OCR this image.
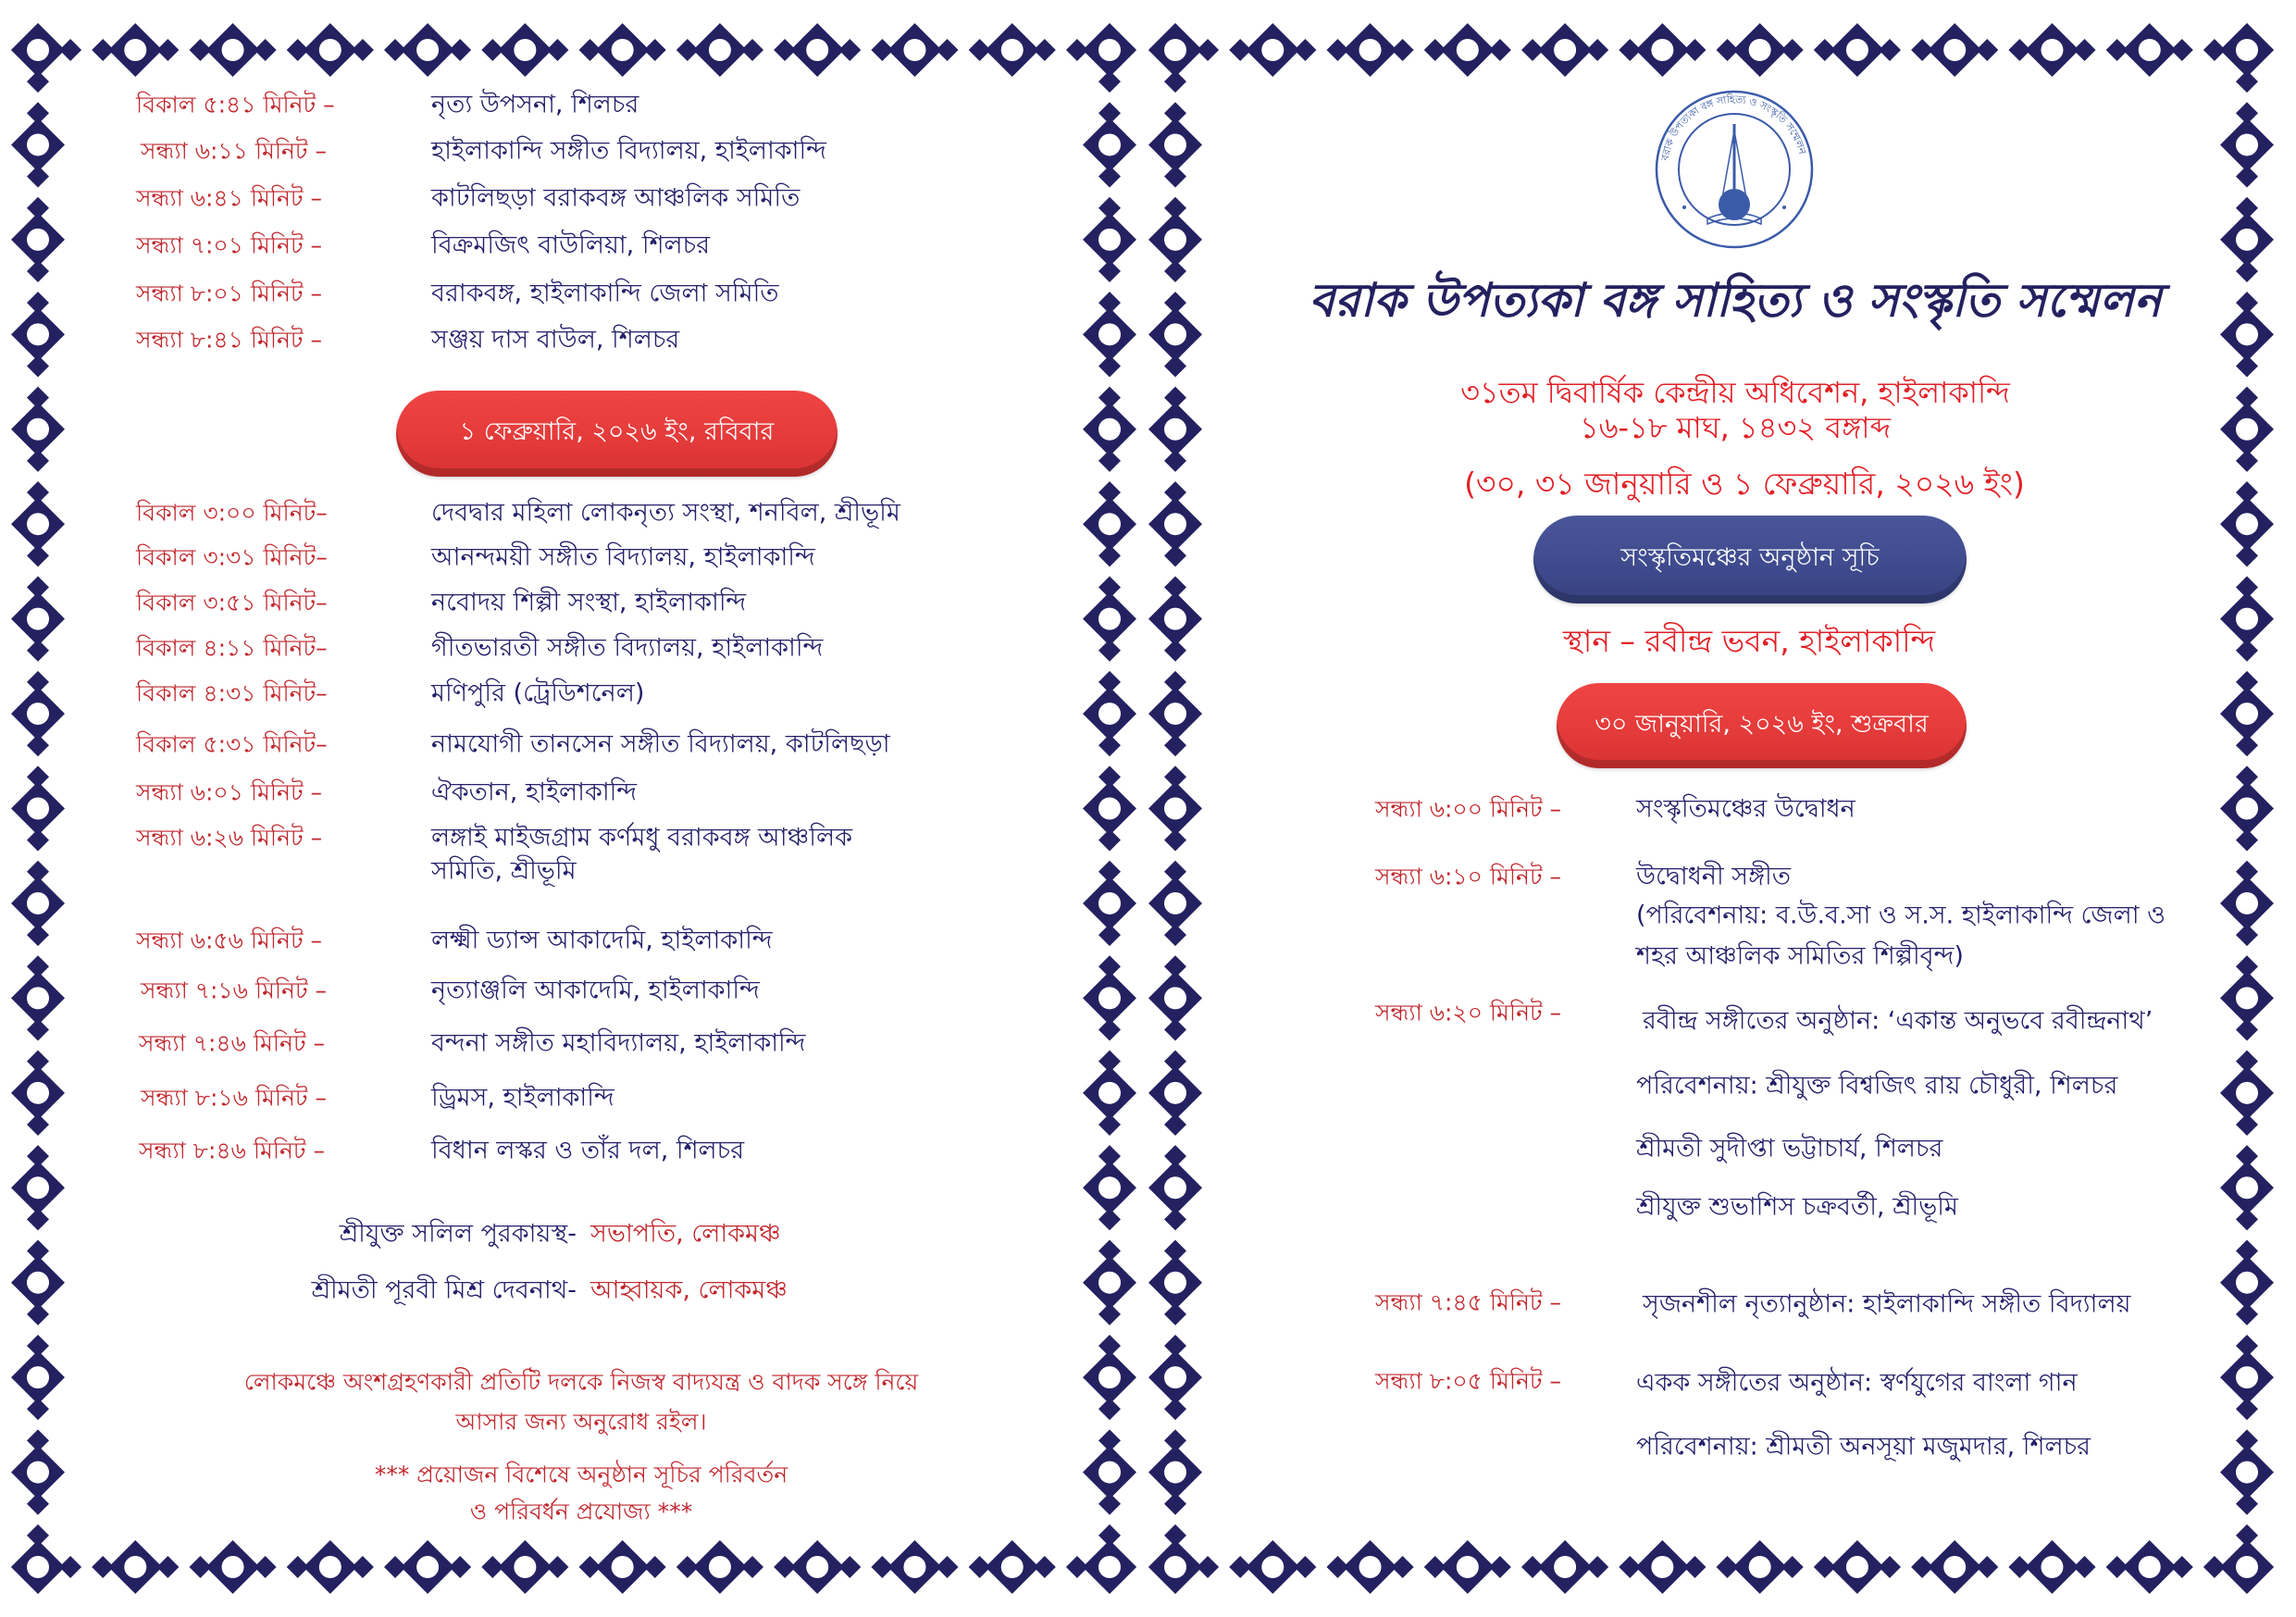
বিকাল ৫:৪১ মিনিট –	নৃত্য উপসনা, শিলচর
সন্ধ্যা ৬:১১ মিনিট –	হাইলাকান্দি সঙ্গীত বিদ্যালয়, হাইলাকান্দি
সন্ধ্যা ৬:৪১ মিনিট –	কাটলিছড়া বরাকবঙ্গ আঞ্চলিক সমিতি
সন্ধ্যা ৭:০১ মিনিট –	বিক্রমজিৎ বাউলিয়া, শিলচর
সন্ধ্যা ৮:০১ মিনিট –	বরাকবঙ্গ, হাইলাকান্দি জেলা সমিতি
সন্ধ্যা ৮:৪১ মিনিট –	সঞ্জয় দাস বাউল, শিলচর
১ ফেব্রুয়ারি, ২০২৬ ইং, রবিবার
বিকাল ৩:০০ মিনিট–	দেবদ্বার মহিলা লোকনৃত্য সংস্থা, শনবিল, শ্রীভূমি
বিকাল ৩:৩১ মিনিট–	আনন্দময়ী সঙ্গীত বিদ্যালয়, হাইলাকান্দি
বিকাল ৩:৫১ মিনিট–	নবোদয় শিল্পী সংস্থা, হাইলাকান্দি
বিকাল ৪:১১ মিনিট–	গীতভারতী সঙ্গীত বিদ্যালয়, হাইলাকান্দি
বিকাল ৪:৩১ মিনিট–	মণিপুরি (ট্রেডিশনেল)
বিকাল ৫:৩১ মিনিট–	নামযোগী তানসেন সঙ্গীত বিদ্যালয়, কাটলিছড়া
সন্ধ্যা ৬:০১ মিনিট –	ঐকতান, হাইলাকান্দি
সন্ধ্যা ৬:২৬ মিনিট –	লঙ্গাই মাইজগ্রাম কর্ণমধু বরাকবঙ্গ আঞ্চলিক
সমিতি, শ্রীভূমি
সন্ধ্যা ৬:৫৬ মিনিট –	লক্ষ্মী ড্যান্স আকাদেমি, হাইলাকান্দি
সন্ধ্যা ৭:১৬ মিনিট –	নৃত্যাঞ্জলি আকাদেমি, হাইলাকান্দি
সন্ধ্যা ৭:৪৬ মিনিট –	বন্দনা সঙ্গীত মহাবিদ্যালয়, হাইলাকান্দি
সন্ধ্যা ৮:১৬ মিনিট –	ড্রিমস, হাইলাকান্দি
সন্ধ্যা ৮:৪৬ মিনিট –	বিধান লস্কর ও তাঁর দল, শিলচর
শ্রীযুক্ত সলিল পুরকায়স্থ- সভাপতি, লোকমঞ্চ
শ্রীমতী পূরবী মিশ্র দেবনাথ- আহ্বায়ক, লোকমঞ্চ
লোকমঞ্চে অংশগ্রহণকারী প্রতিটি দলকে নিজস্ব বাদ্যযন্ত্র ও বাদক সঙ্গে নিয়ে
আসার জন্য অনুরোধ রইল।
*** প্রয়োজন বিশেষে অনুষ্ঠান সূচির পরিবর্তন
ও পরিবর্ধন প্রযোজ্য ***
বরাক উপত্যকা বঙ্গ সাহিত্য ও সংস্কৃতি সম্মেলন
বরাক উপত্যকা বঙ্গ সাহিত্য ও সংস্কৃতি সম্মেলন
৩১তম দ্বিবার্ষিক কেন্দ্রীয় অধিবেশন, হাইলাকান্দি
১৬-১৮ মাঘ, ১৪৩২ বঙ্গাব্দ
(৩০, ৩১ জানুয়ারি ও ১ ফেব্রুয়ারি, ২০২৬ ইং)
সংস্কৃতিমঞ্চের অনুষ্ঠান সূচি
স্থান – রবীন্দ্র ভবন, হাইলাকান্দি
৩০ জানুয়ারি, ২০২৬ ইং, শুক্রবার
সন্ধ্যা ৬:০০ মিনিট –	সংস্কৃতিমঞ্চের উদ্বোধন
সন্ধ্যা ৬:১০ মিনিট –	উদ্বোধনী সঙ্গীত
(পরিবেশনায়: ব.উ.ব.সা ও স.স. হাইলাকান্দি জেলা ও
শহর আঞ্চলিক সমিতির শিল্পীবৃন্দ)
সন্ধ্যা ৬:২০ মিনিট –	রবীন্দ্র সঙ্গীতের অনুষ্ঠান: ‘একান্ত অনুভবে রবীন্দ্রনাথ’
পরিবেশনায়: শ্রীযুক্ত বিশ্বজিৎ রায় চৌধুরী, শিলচর
শ্রীমতী সুদীপ্তা ভট্টাচার্য, শিলচর
শ্রীযুক্ত শুভাশিস চক্রবর্তী, শ্রীভূমি
সন্ধ্যা ৭:৪৫ মিনিট –	সৃজনশীল নৃত্যানুষ্ঠান: হাইলাকান্দি সঙ্গীত বিদ্যালয়
সন্ধ্যা ৮:০৫ মিনিট –	একক সঙ্গীতের অনুষ্ঠান: স্বর্ণযুগের বাংলা গান
পরিবেশনায়: শ্রীমতী অনসূয়া মজুমদার, শিলচর
